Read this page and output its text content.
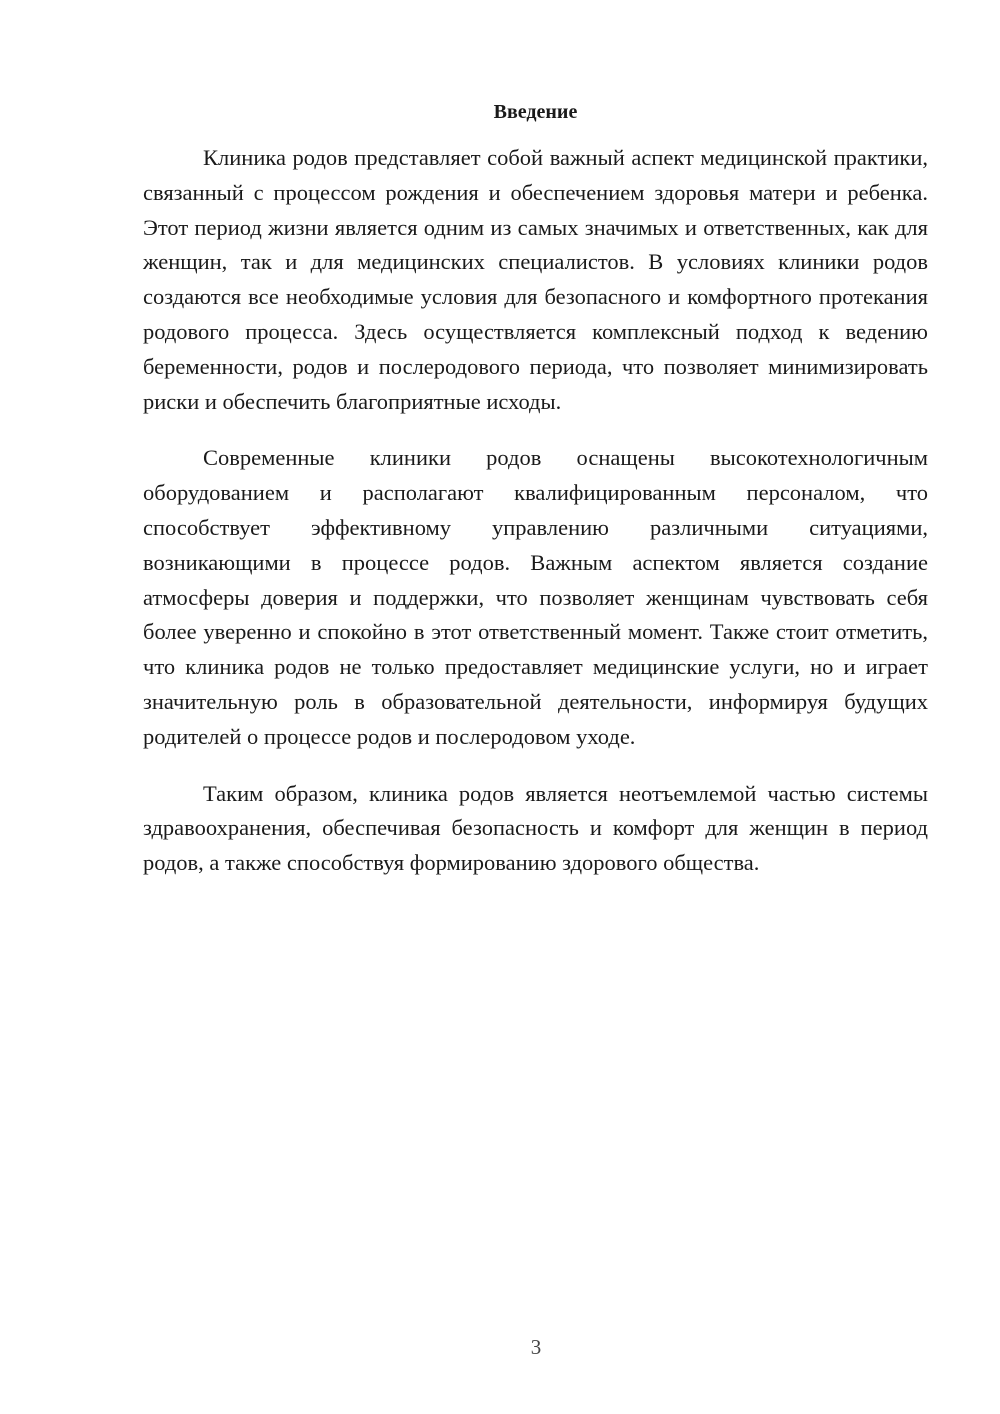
Введение

Клиника родов представляет собой важный аспект медицинской практики, связанный с процессом рождения и обеспечением здоровья матери и ребенка. Этот период жизни является одним из самых значимых и ответственных, как для женщин, так и для медицинских специалистов. В условиях клиники родов создаются все необходимые условия для безопасного и комфортного протекания родового процесса. Здесь осуществляется комплексный подход к ведению беременности, родов и послеродового периода, что позволяет минимизировать риски и обеспечить благоприятные исходы.

Современные клиники родов оснащены высокотехнологичным оборудованием и располагают квалифицированным персоналом, что способствует эффективному управлению различными ситуациями, возникающими в процессе родов. Важным аспектом является создание атмосферы доверия и поддержки, что позволяет женщинам чувствовать себя более уверенно и спокойно в этот ответственный момент. Также стоит отметить, что клиника родов не только предоставляет медицинские услуги, но и играет значительную роль в образовательной деятельности, информируя будущих родителей о процессе родов и послеродовом уходе.

Таким образом, клиника родов является неотъемлемой частью системы здравоохранения, обеспечивая безопасность и комфорт для женщин в период родов, а также способствуя формированию здорового общества.

3
